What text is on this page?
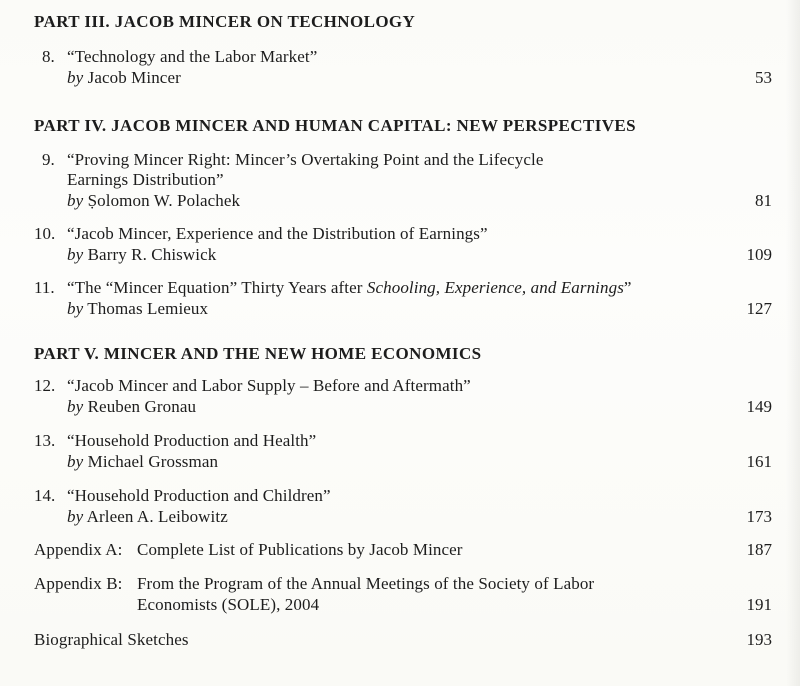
PART III. JACOB MINCER ON TECHNOLOGY
8. “Technology and the Labor Market”
by Jacob Mincer	53
PART IV. JACOB MINCER AND HUMAN CAPITAL: NEW PERSPECTIVES
9. “Proving Mincer Right: Mincer’s Overtaking Point and the Lifecycle
Earnings Distribution”
by Ṣolomon W. Polachek	81
10. “Jacob Mincer, Experience and the Distribution of Earnings”
by Barry R. Chiswick	109
11. “The “Mincer Equation” Thirty Years after Schooling, Experience, and Earnings”
by Thomas Lemieux	127
PART V. MINCER AND THE NEW HOME ECONOMICS
12. “Jacob Mincer and Labor Supply – Before and Aftermath”
by Reuben Gronau	149
13. “Household Production and Health”
by Michael Grossman	161
14. “Household Production and Children”
by Arleen A. Leibowitz	173
Appendix A: Complete List of Publications by Jacob Mincer	187
Appendix B: From the Program of the Annual Meetings of the Society of Labor
Economists (SOLE), 2004	191
Biographical Sketches	193
